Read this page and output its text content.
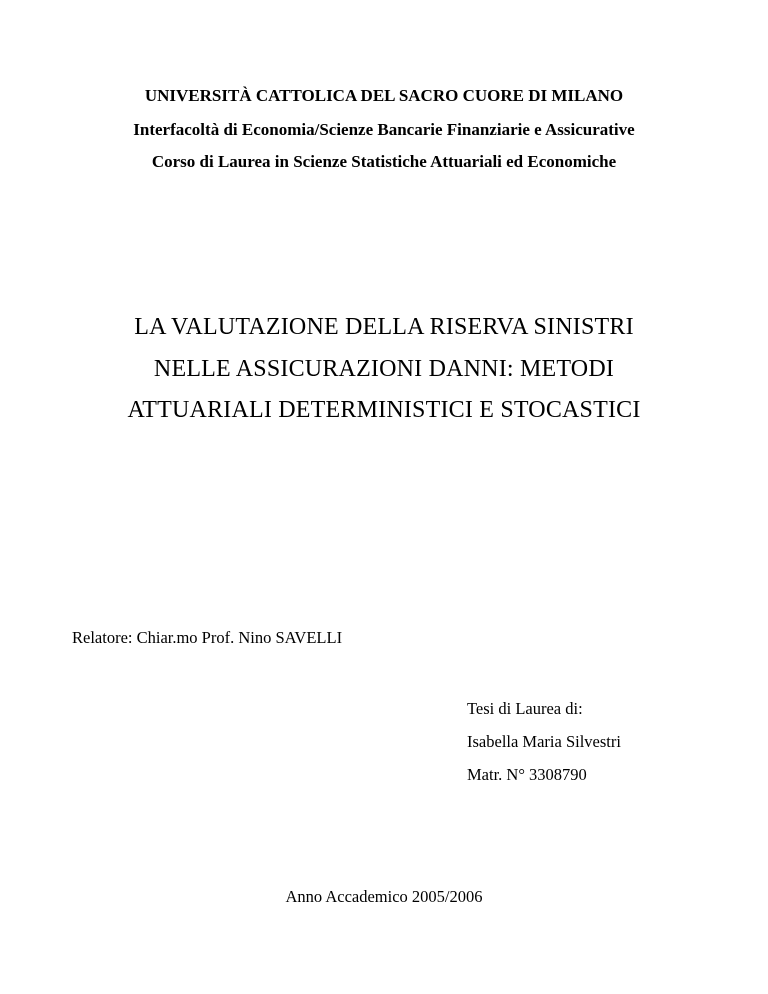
UNIVERSITÀ CATTOLICA DEL SACRO CUORE DI MILANO
Interfacoltà di Economia/Scienze Bancarie Finanziarie e Assicurative
Corso di Laurea in Scienze Statistiche Attuariali ed Economiche
LA VALUTAZIONE DELLA RISERVA SINISTRI
NELLE ASSICURAZIONI DANNI: METODI
ATTUARIALI DETERMINISTICI E STOCASTICI
Relatore: Chiar.mo Prof. Nino SAVELLI
Tesi di Laurea di:
Isabella Maria Silvestri
Matr. N° 3308790
Anno Accademico 2005/2006
